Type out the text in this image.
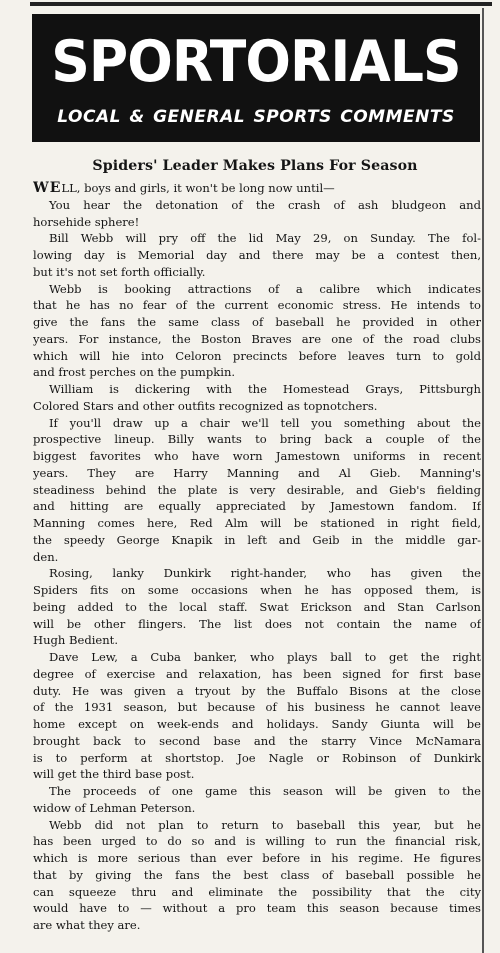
SPORTORIALS
LOCAL & GENERAL SPORTS COMMENTS
Spiders' Leader Makes Plans For Season
WELL, boys and girls, it won't be long now until—
You hear the detonation of the crash of ash bludgeon and
horsehide sphere!
Bill Webb will pry off the lid May 29, on Sunday. The fol-
lowing day is Memorial day and there may be a contest then,
but it's not set forth officially.
Webb is booking attractions of a calibre which indicates
that he has no fear of the current economic stress. He intends to
give the fans the same class of baseball he provided in other
years. For instance, the Boston Braves are one of the road clubs
which will hie into Celoron precincts before leaves turn to gold
and frost perches on the pumpkin.
William is dickering with the Homestead Grays, Pittsburgh
Colored Stars and other outfits recognized as topnotchers.
If you'll draw up a chair we'll tell you something about the
prospective lineup. Billy wants to bring back a couple of the
biggest favorites who have worn Jamestown uniforms in recent
years. They are Harry Manning and Al Gieb. Manning's
steadiness behind the plate is very desirable, and Gieb's fielding
and hitting are equally appreciated by Jamestown fandom. If
Manning comes here, Red Alm will be stationed in right field,
the speedy George Knapik in left and Geib in the middle gar-
den.
Rosing, lanky Dunkirk right-hander, who has given the
Spiders fits on some occasions when he has opposed them, is
being added to the local staff. Swat Erickson and Stan Carlson
will be other flingers. The list does not contain the name of
Hugh Bedient.
Dave Lew, a Cuba banker, who plays ball to get the right
degree of exercise and relaxation, has been signed for first base
duty. He was given a tryout by the Buffalo Bisons at the close
of the 1931 season, but because of his business he cannot leave
home except on week-ends and holidays. Sandy Giunta will be
brought back to second base and the starry Vince McNamara
is to perform at shortstop. Joe Nagle or Robinson of Dunkirk
will get the third base post.
The proceeds of one game this season will be given to the
widow of Lehman Peterson.
Webb did not plan to return to baseball this year, but he
has been urged to do so and is willing to run the financial risk,
which is more serious than ever before in his regime. He figures
that by giving the fans the best class of baseball possible he
can squeeze thru and eliminate the possibility that the city
would have to — without a pro team this season because times
are what they are.
